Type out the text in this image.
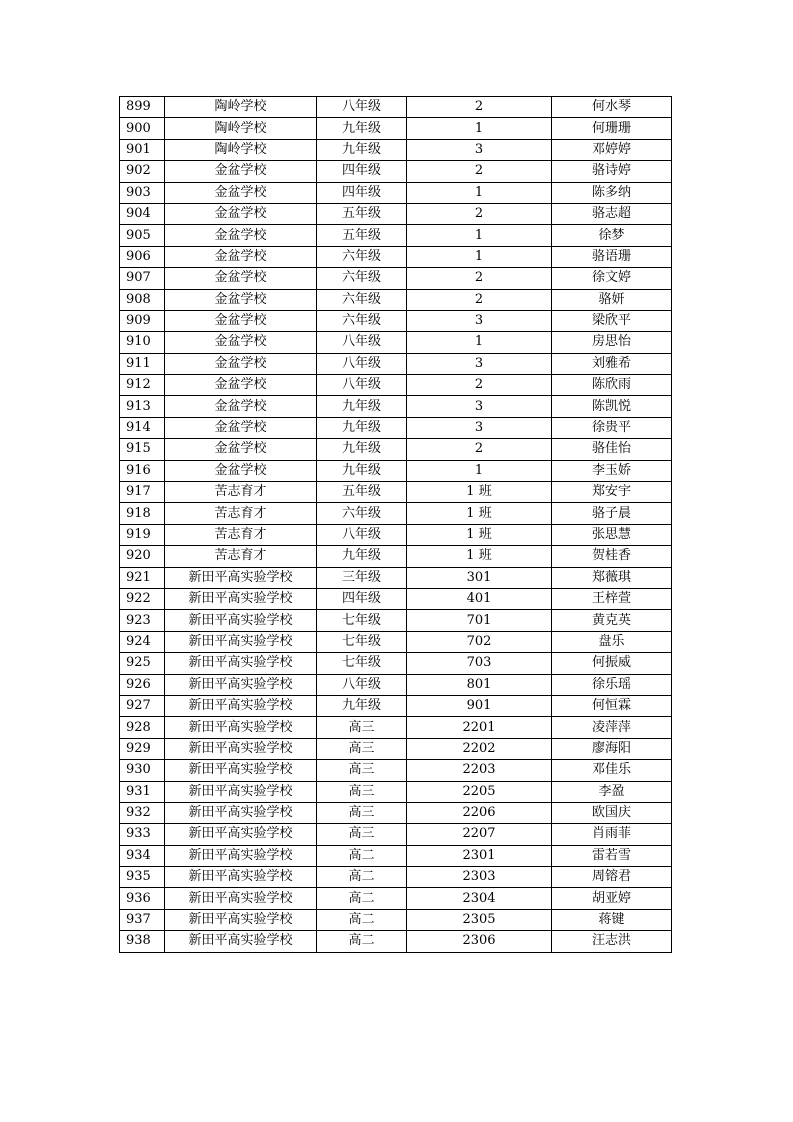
899	陶岭学校	八年级	2	何水琴
900	陶岭学校	九年级	1	何珊珊
901	陶岭学校	九年级	3	邓婷婷
902	金盆学校	四年级	2	骆诗婷
903	金盆学校	四年级	1	陈多纳
904	金盆学校	五年级	2	骆志超
905	金盆学校	五年级	1	徐梦
906	金盆学校	六年级	1	骆语珊
907	金盆学校	六年级	2	徐文婷
908	金盆学校	六年级	2	骆妍
909	金盆学校	六年级	3	梁欣平
910	金盆学校	八年级	1	房思怡
911	金盆学校	八年级	3	刘雅希
912	金盆学校	八年级	2	陈欣雨
913	金盆学校	九年级	3	陈凯悦
914	金盆学校	九年级	3	徐贵平
915	金盆学校	九年级	2	骆佳怡
916	金盆学校	九年级	1	李玉娇
917	苦志育才	五年级	1 班	郑安宇
918	苦志育才	六年级	1 班	骆子晨
919	苦志育才	八年级	1 班	张思慧
920	苦志育才	九年级	1 班	贺桂香
921	新田平高实验学校	三年级	301	郑薇琪
922	新田平高实验学校	四年级	401	王梓萱
923	新田平高实验学校	七年级	701	黄克英
924	新田平高实验学校	七年级	702	盘乐
925	新田平高实验学校	七年级	703	何振威
926	新田平高实验学校	八年级	801	徐乐瑶
927	新田平高实验学校	九年级	901	何恒霖
928	新田平高实验学校	高三	2201	凌萍萍
929	新田平高实验学校	高三	2202	廖海阳
930	新田平高实验学校	高三	2203	邓佳乐
931	新田平高实验学校	高三	2205	李盈
932	新田平高实验学校	高三	2206	欧国庆
933	新田平高实验学校	高三	2207	肖雨菲
934	新田平高实验学校	高二	2301	雷若雪
935	新田平高实验学校	高二	2303	周镕君
936	新田平高实验学校	高二	2304	胡亚婷
937	新田平高实验学校	高二	2305	蒋键
938	新田平高实验学校	高二	2306	汪志洪
